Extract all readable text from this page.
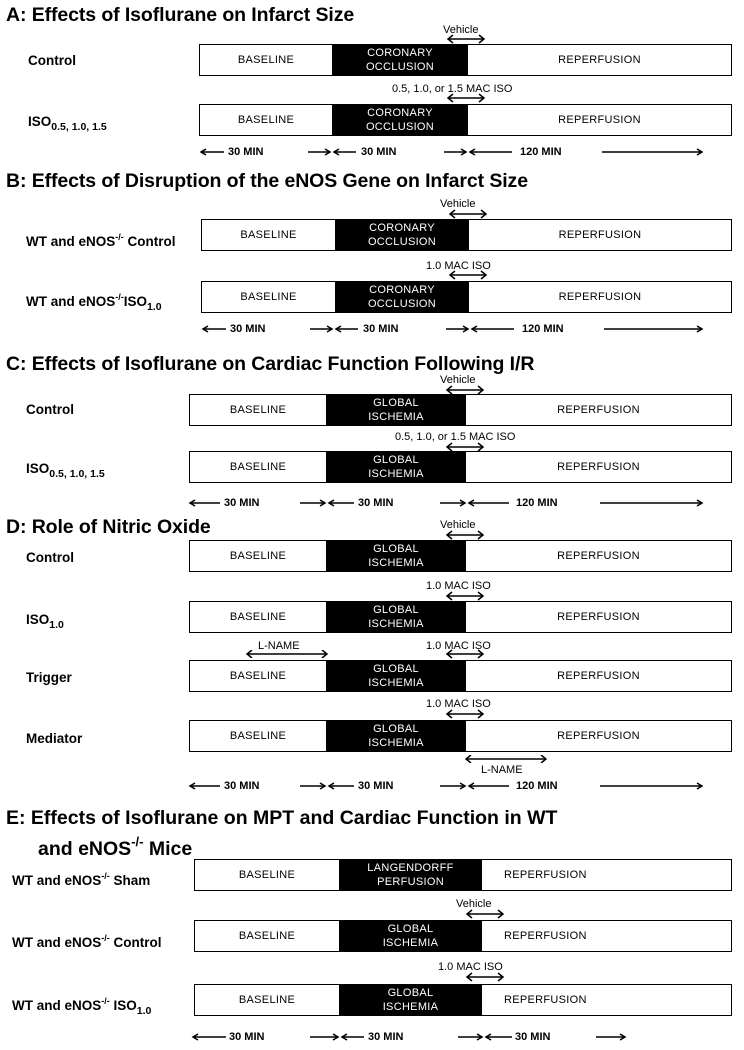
A: Effects of Isoflurane on Infarct Size
Vehicle
Control	BASELINE
CORONARY
OCCLUSION
REPERFUSION
0.5, 1.0, or 1.5 MAC ISO
$ISO_{0.5, 1.0, 1.5}$
BASELINE
CORONARY
OCCLUSION
REPERFUSION
30 MIN	30 MIN	120 MIN
B: Effects of Disruption of the eNOS Gene on Infarct Size
Vehicle
WT and eNOS-/- Control	BASELINE
CORONARY
OCCLUSION
REPERFUSION
1.0 MAC ISO
WT and $eNOS^{-/-}ISO_{1.0}$
BASELINE
CORONARY
OCCLUSION
REPERFUSION
30 MIN	30 MIN	120 MIN
C: Effects of Isoflurane on Cardiac Function Following I/R
Vehicle
Control	BASELINE
GLOBAL
ISCHEMIA
REPERFUSION
0.5, 1.0, or 1.5 MAC ISO
$ISO_{0.5, 1.0, 1.5}$
BASELINE
GLOBAL
ISCHEMIA
REPERFUSION
30 MIN	30 MIN	120 MIN
D: Role of Nitric Oxide	Vehicle
Control	BASELINE
GLOBAL
ISCHEMIA
REPERFUSION
1.0 MAC ISO
$ISO_{1.0}$
BASELINE
GLOBAL
ISCHEMIA
REPERFUSION
L-NAME	1.0 MAC ISO
Trigger	BASELINE
GLOBAL
ISCHEMIA
REPERFUSION
1.0 MAC ISO
Mediator	BASELINE
GLOBAL
ISCHEMIA
REPERFUSION
L-NAME
30 MIN	30 MIN	120 MIN
E: Effects of Isoflurane on MPT and Cardiac Function in WT
and eNOS-/- Mice
WT and eNOS-/- Sham	BASELINE
LANGENDORFF
PERFUSION
REPERFUSION
Vehicle
WT and eNOS-/- Control	BASELINE
GLOBAL
ISCHEMIA
REPERFUSION
1.0 MAC ISO
WT and eNOS-/- $ISO_{1.0}$
BASELINE
GLOBAL
ISCHEMIA
REPERFUSION
30 MIN	30 MIN	30 MIN
